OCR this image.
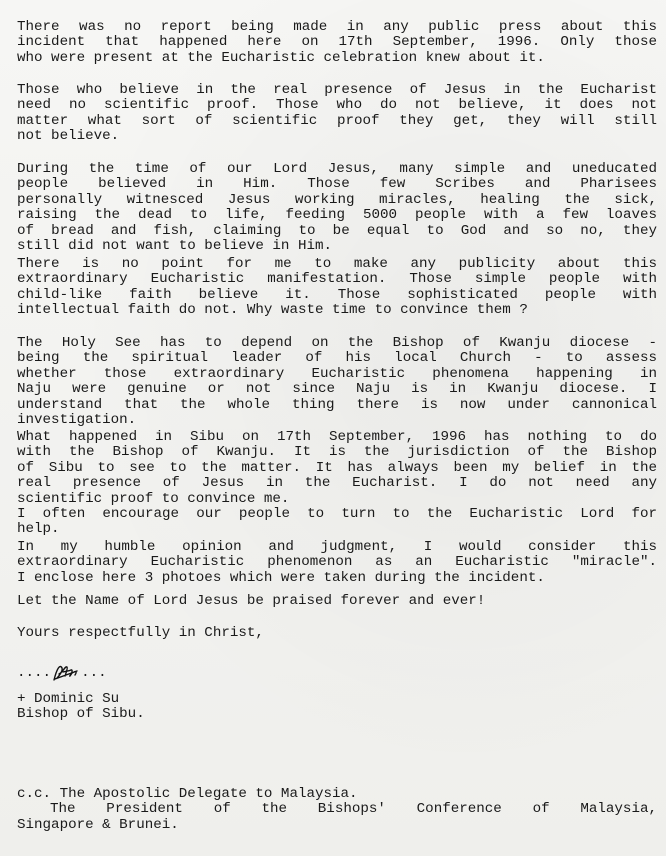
There was no report being made in any public press about this
incident that happened here on 17th September, 1996. Only those
who were present at the Eucharistic celebration knew about it.
Those who believe in the real presence of Jesus in the Eucharist
need no scientific proof. Those who do not believe, it does not
matter what sort of scientific proof they get, they will still
not believe.
During the time of our Lord Jesus, many simple and uneducated
people believed in Him. Those few Scribes and Pharisees
personally witnesced Jesus working miracles, healing the sick,
raising the dead to life, feeding 5000 people with a few loaves
of bread and fish, claiming to be equal to God and so no, they
still did not want to believe in Him.
There is no point for me to make any publicity about this
extraordinary Eucharistic manifestation. Those simple people with
child-like faith believe it. Those sophisticated people with
intellectual faith do not. Why waste time to convince them ?
The Holy See has to depend on the Bishop of Kwanju diocese -
being the spiritual leader of his local Church - to assess
whether those extraordinary Eucharistic phenomena happening in
Naju were genuine or not since Naju is in Kwanju diocese. I
understand that the whole thing there is now under cannonical
investigation.
What happened in Sibu on 17th September, 1996 has nothing to do
with the Bishop of Kwanju. It is the jurisdiction of the Bishop
of Sibu to see to the matter. It has always been my belief in the
real presence of Jesus in the Eucharist. I do not need any
scientific proof to convince me.
I often encourage our people to turn to the Eucharistic Lord for
help.
In my humble opinion and judgment, I would consider this
extraordinary Eucharistic phenomenon as an Eucharistic "miracle".
I enclose here 3 photoes which were taken during the incident.
Let the Name of Lord Jesus be praised forever and ever!
Yours respectfully in Christ,
.... ...
+ Dominic Su
Bishop of Sibu.
c.c. The Apostolic Delegate to Malaysia.
The President of the Bishops' Conference of Malaysia,
Singapore & Brunei.
